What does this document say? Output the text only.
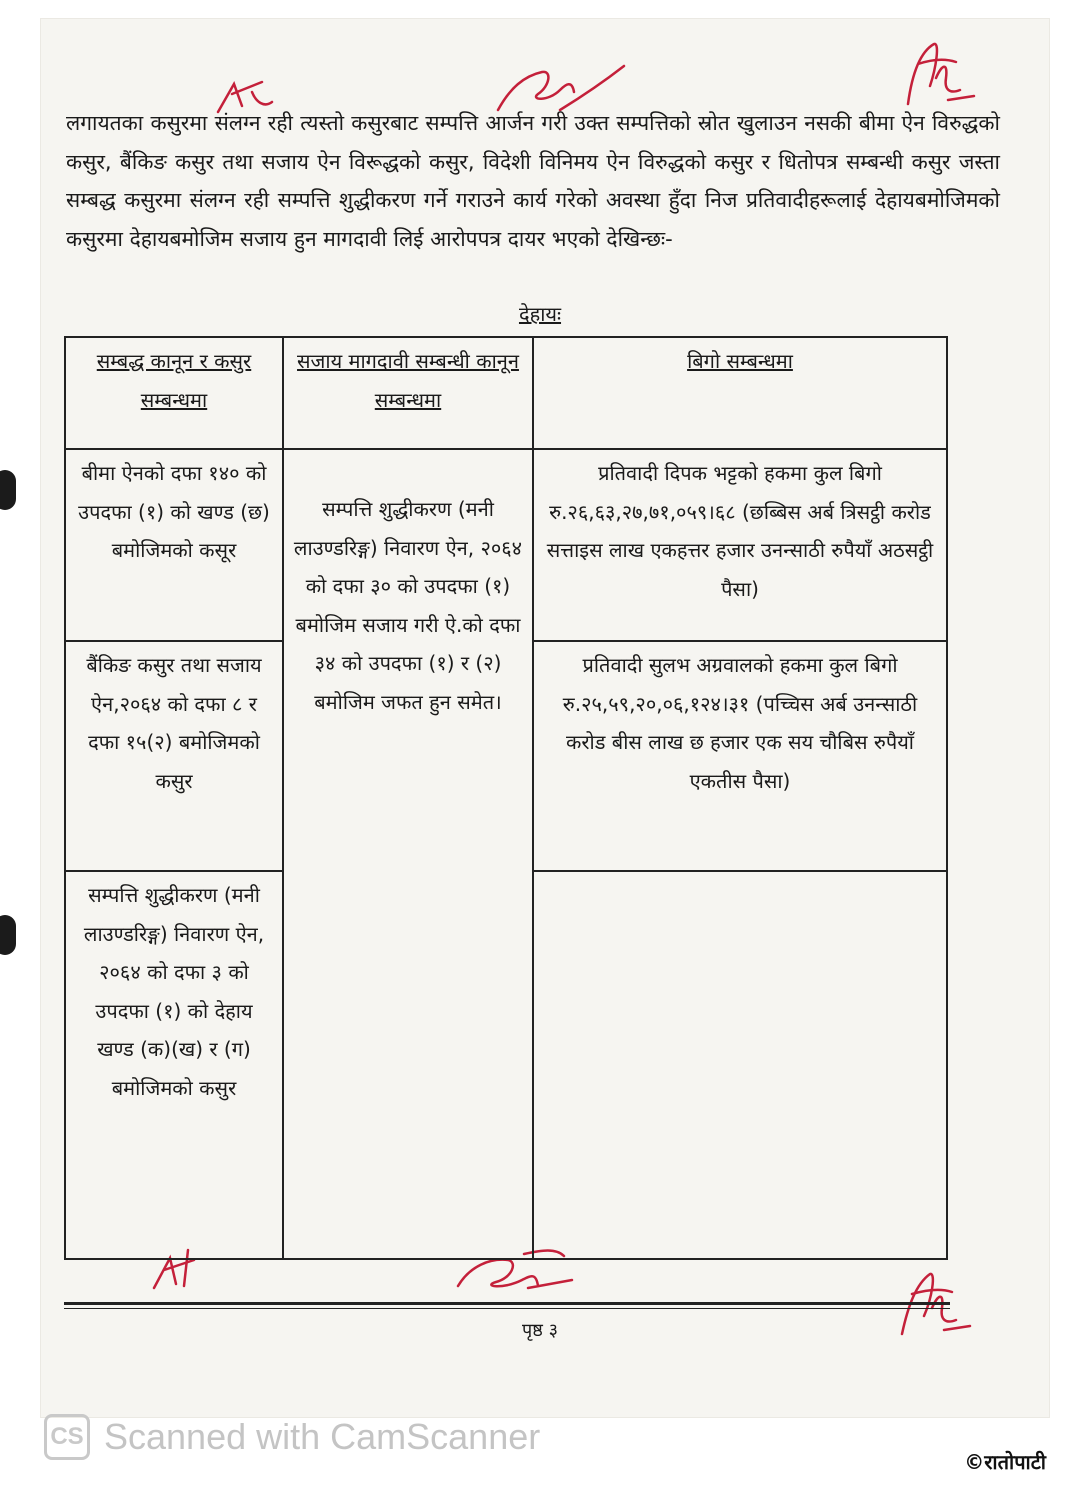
लगायतका कसुरमा संलग्न रही त्यस्तो कसुरबाट सम्पत्ति आर्जन गरी उक्त सम्पत्तिको स्रोत खुलाउन नसकी बीमा ऐन विरुद्धको कसुर, बैंकिङ कसुर तथा सजाय ऐन विरूद्धको कसुर, विदेशी विनिमय ऐन विरुद्धको कसुर र धितोपत्र सम्बन्धी कसुर जस्ता सम्बद्ध कसुरमा संलग्न रही सम्पत्ति शुद्धीकरण गर्ने गराउने कार्य गरेको अवस्था हुँदा निज प्रतिवादीहरूलाई देहायबमोजिमको कसुरमा देहायबमोजिम सजाय हुन मागदावी लिई आरोपपत्र दायर भएको देखिन्छः-

देहायः
सम्बद्ध कानून र कसुर सम्बन्धमा	सजाय मागदावी सम्बन्धी कानून सम्बन्धमा	बिगो सम्बन्धमा
बीमा ऐनको दफा १४० को उपदफा (१) को खण्ड (छ) बमोजिमको कसूर	सम्पत्ति शुद्धीकरण (मनी लाउण्डरिङ्ग) निवारण ऐन, २०६४ को दफा ३० को उपदफा (१) बमोजिम सजाय गरी ऐ.को दफा ३४ को उपदफा (१) र (२) बमोजिम जफत हुन समेत।	प्रतिवादी दिपक भट्टको हकमा कुल बिगो रु.२६,६३,२७,७१,०५९।६८ (छब्बिस अर्ब त्रिसट्ठी करोड सत्ताइस लाख एकहत्तर हजार उनन्साठी रुपैयाँ अठसट्ठी पैसा)
बैंकिङ कसुर तथा सजाय ऐन,२०६४ को दफा ८ र दफा १५(२) बमोजिमको कसुर		प्रतिवादी सुलभ अग्रवालको हकमा कुल बिगो रु.२५,५९,२०,०६,१२४।३१ (पच्चिस अर्ब उनन्साठी करोड बीस लाख छ हजार एक सय चौबिस रुपैयाँ एकतीस पैसा)
सम्पत्ति शुद्धीकरण (मनी लाउण्डरिङ्ग) निवारण ऐन, २०६४ को दफा ३ को उपदफा (१) को देहाय खण्ड (क)(ख) र (ग) बमोजिमको कसुर		
पृष्ठ ३
CS Scanned with CamScanner
©रातोपाटी
